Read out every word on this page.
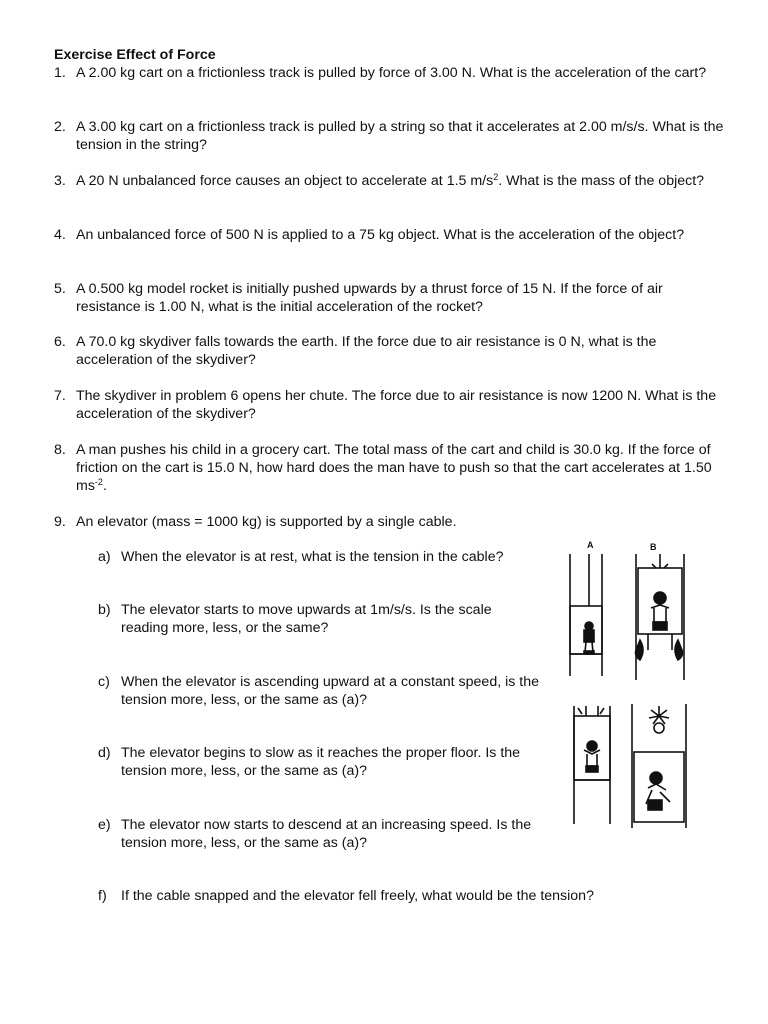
Exercise Effect of Force
1. A 2.00 kg cart on a frictionless track is pulled by force of 3.00 N. What is the acceleration of the cart?
2. A 3.00 kg cart on a frictionless track is pulled by a string so that it accelerates at 2.00 m/s/s. What is the tension in the string?
3. A 20 N unbalanced force causes an object to accelerate at 1.5 $m/s^2$. What is the mass of the object?
4. An unbalanced force of 500 N is applied to a 75 kg object. What is the acceleration of the object?
5. A 0.500 kg model rocket is initially pushed upwards by a thrust force of 15 N. If the force of air resistance is 1.00 N, what is the initial acceleration of the rocket?
6. A 70.0 kg skydiver falls towards the earth. If the force due to air resistance is 0 N, what is the acceleration of the skydiver?
7. The skydiver in problem 6 opens her chute. The force due to air resistance is now 1200 N. What is the acceleration of the skydiver?
8. A man pushes his child in a grocery cart. The total mass of the cart and child is 30.0 kg. If the force of friction on the cart is 15.0 N, how hard does the man have to push so that the cart accelerates at 1.50 $ms^{-2}$.
9. An elevator (mass = 1000 kg) is supported by a single cable.
a) When the elevator is at rest, what is the tension in the cable?
b) The elevator starts to move upwards at 1m/s/s. Is the scale reading more, less, or the same?
c) When the elevator is ascending upward at a constant speed, is the tension more, less, or the same as (a)?
d) The elevator begins to slow as it reaches the proper floor. Is the tension more, less, or the same as (a)?
e) The elevator now starts to descend at an increasing speed. Is the tension more, less, or the same as (a)?
f)	If the cable snapped and the elevator fell freely, what would be the tension?
A	B
